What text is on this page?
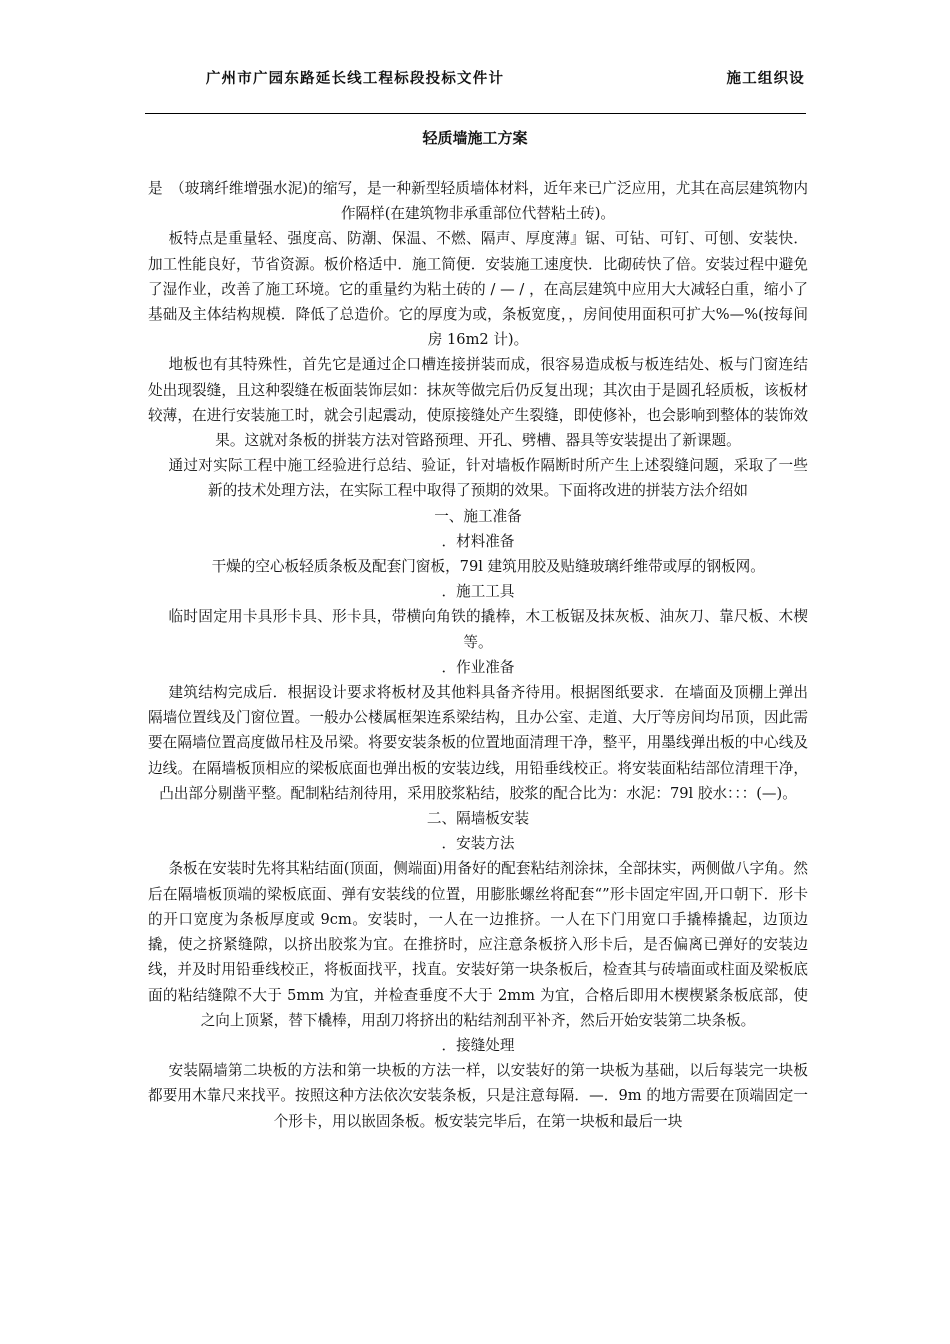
广州市广园东路延长线工程标段投标文件计	施工组织设
轻质墙施工方案

是　（玻璃纤维增强水泥)的缩写，是一种新型轻质墙体材料，近年来已广泛应用，尤其在高层建筑物内作隔样(在建筑物非承重部位代替粘土砖)。

板特点是重量轻、强度高、防潮、保温、不燃、隔声、厚度薄』锯、可钻、可钉、可刨、安装快．加工性能良好，节省资源。板价格适中．施工简便．安装施工速度快．比砌砖快了倍。安装过程中避免了湿作业，改善了施工环境。它的重量约为粘土砖的 / — / ，在高层建筑中应用大大减轻白重，缩小了基础及主体结构规模．降低了总造价。它的厚度为或，条板宽度，，房间使用面积可扩大%—%(按每间房 16m2 计)。

地板也有其特殊性，首先它是通过企口槽连接拼装而成，很容易造成板与板连结处、板与门窗连结处出现裂缝，且这种裂缝在板面装饰层如：抹灰等做完后仍反复出现；其次由于是圆孔轻质板，该板材较薄，在进行安装施工时，就会引起震动，使原接缝处产生裂缝，即使修补，也会影响到整体的装饰效果。这就对条板的拼装方法对管路预理、开孔、劈槽、器具等安装提出了新课题。

通过对实际工程中施工经验进行总结、验证，针对墙板作隔断时所产生上述裂缝问题，采取了一些新的技术处理方法，在实际工程中取得了预期的效果。下面将改进的拼装方法介绍如

一、施工准备

．材料准备

干燥的空心板轻质条板及配套门窗板，79l 建筑用胶及贴缝玻璃纤维带或厚的钢板网。

．施工工具

临时固定用卡具形卡具、形卡具，带横向角铁的撬棒，木工板锯及抹灰板、油灰刀、靠尺板、木楔等。

．作业准备

建筑结构完成后．根据设计要求将板材及其他料具备齐待用。根据图纸要求．在墙面及顶棚上弹出隔墙位置线及门窗位置。一般办公楼属框架连系梁结构，且办公室、走道、大厅等房间均吊顶，因此需要在隔墙位置高度做吊柱及吊梁。将要安装条板的位置地面清理干净，整平，用墨线弹出板的中心线及边线。在隔墙板顶相应的梁板底面也弹出板的安装边线，用铅垂线校正。将安装面粘结部位清理干净，凸出部分剔凿平整。配制粘结剂待用，采用胶浆粘结，胶浆的配合比为：水泥：79l 胶水：：：(—)。

二、隔墙板安装

．安装方法

条板在安装时先将其粘结面(顶面，侧端面)用备好的配套粘结剂涂抹，全部抹实，两侧做八字角。然后在隔墙板顶端的梁板底面、弹有安装线的位置，用膨胀螺丝将配套“”形卡固定牢固,开口朝下．形卡的开口宽度为条板厚度或 9cm。安装时，一人在一边推挤。一人在下门用宽口手撬棒撬起，边顶边撬，使之挤紧缝隙，以挤出胶浆为宜。在推挤时，应注意条板挤入形卡后，是否偏离已弹好的安装边线，并及时用铅垂线校正，将板面找平，找直。安装好第一块条板后，检查其与砖墙面或柱面及梁板底面的粘结缝隙不大于 5mm 为宜，并检查垂度不大于 2mm 为宜，合格后即用木楔楔紧条板底部，使之向上顶紧，替下橇棒，用刮刀将挤出的粘结剂刮平补齐，然后开始安装第二块条板。

．接缝处理

安装隔墙第二块板的方法和第一块板的方法一样，以安装好的第一块板为基础，以后每装完一块板都要用木靠尺来找平。按照这种方法依次安装条板，只是注意每隔．—．9m 的地方需要在顶端固定一个形卡，用以嵌固条板。板安装完毕后，在第一块板和最后一块
